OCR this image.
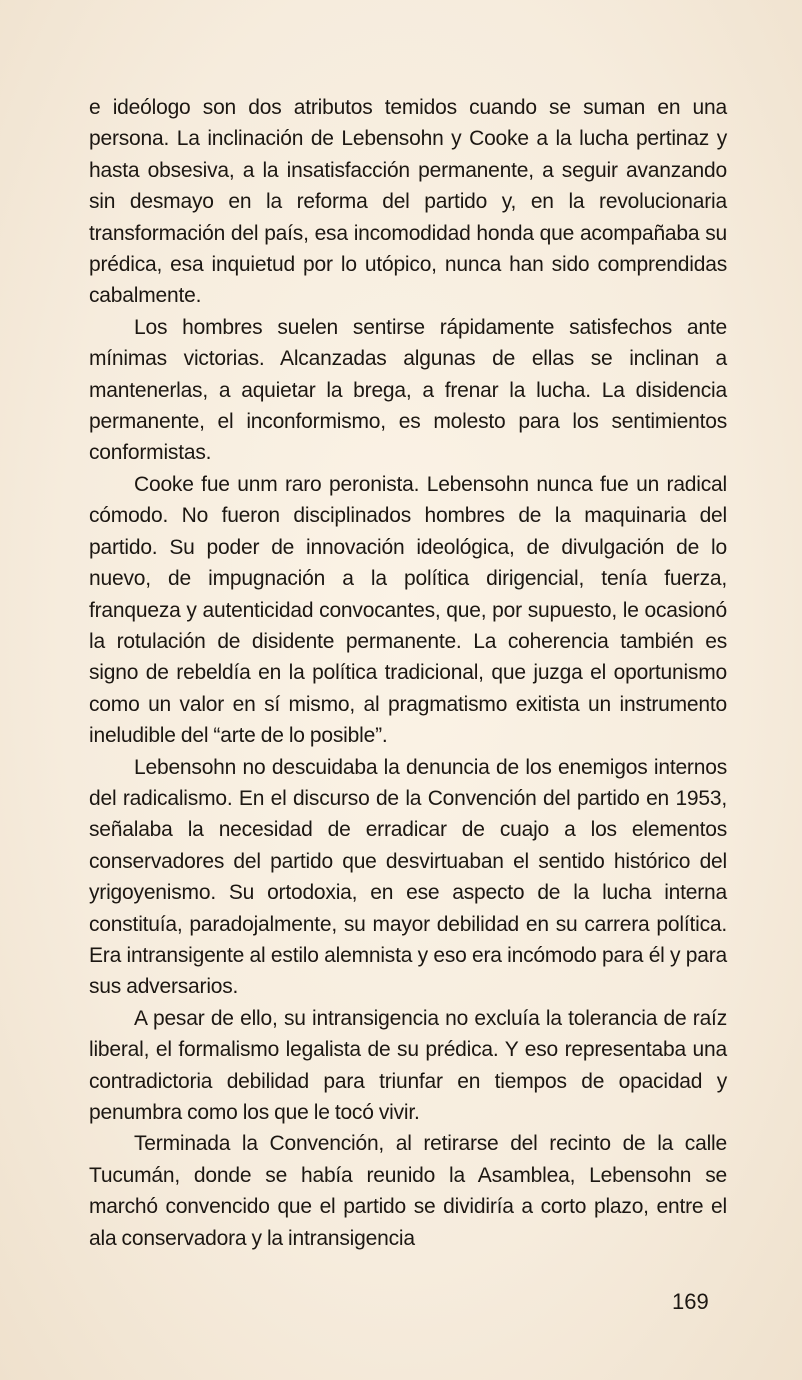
e ideólogo son dos atributos temidos cuando se suman en una persona. La inclinación de Lebensohn y Cooke a la lucha pertinaz y hasta obsesiva, a la insatisfacción permanente, a seguir avanzando sin desmayo en la reforma del partido y, en la revolucionaria transformación del país, esa incomodidad honda que acompañaba su prédica, esa inquietud por lo utópico, nunca han sido comprendidas cabalmente.

Los hombres suelen sentirse rápidamente satisfechos ante mínimas victorias. Alcanzadas algunas de ellas se inclinan a mantenerlas, a aquietar la brega, a frenar la lucha. La disidencia permanente, el inconformismo, es molesto para los sentimientos conformistas.

Cooke fue unm raro peronista. Lebensohn nunca fue un radical cómodo. No fueron disciplinados hombres de la maquinaria del partido. Su poder de innovación ideológica, de divulgación de lo nuevo, de impugnación a la política dirigencial, tenía fuerza, franqueza y autenticidad convocantes, que, por supuesto, le ocasionó la rotulación de disidente permanente. La coherencia también es signo de rebeldía en la política tradicional, que juzga el oportunismo como un valor en sí mismo, al pragmatismo exitista un instrumento ineludible del “arte de lo posible”.

Lebensohn no descuidaba la denuncia de los enemigos internos del radicalismo. En el discurso de la Convención del partido en 1953, señalaba la necesidad de erradicar de cuajo a los elementos conservadores del partido que desvirtuaban el sentido histórico del yrigoyenismo. Su ortodoxia, en ese aspecto de la lucha interna constituía, paradojalmente, su mayor debilidad en su carrera política. Era intransigente al estilo alemnista y eso era incómodo para él y para sus adversarios.

A pesar de ello, su intransigencia no excluía la tolerancia de raíz liberal, el formalismo legalista de su prédica. Y eso representaba una contradictoria debilidad para triunfar en tiempos de opacidad y penumbra como los que le tocó vivir.

Terminada la Convención, al retirarse del recinto de la calle Tucumán, donde se había reunido la Asamblea, Lebensohn se marchó convencido que el partido se dividiría a corto plazo, entre el ala conservadora y la intransigencia

169
